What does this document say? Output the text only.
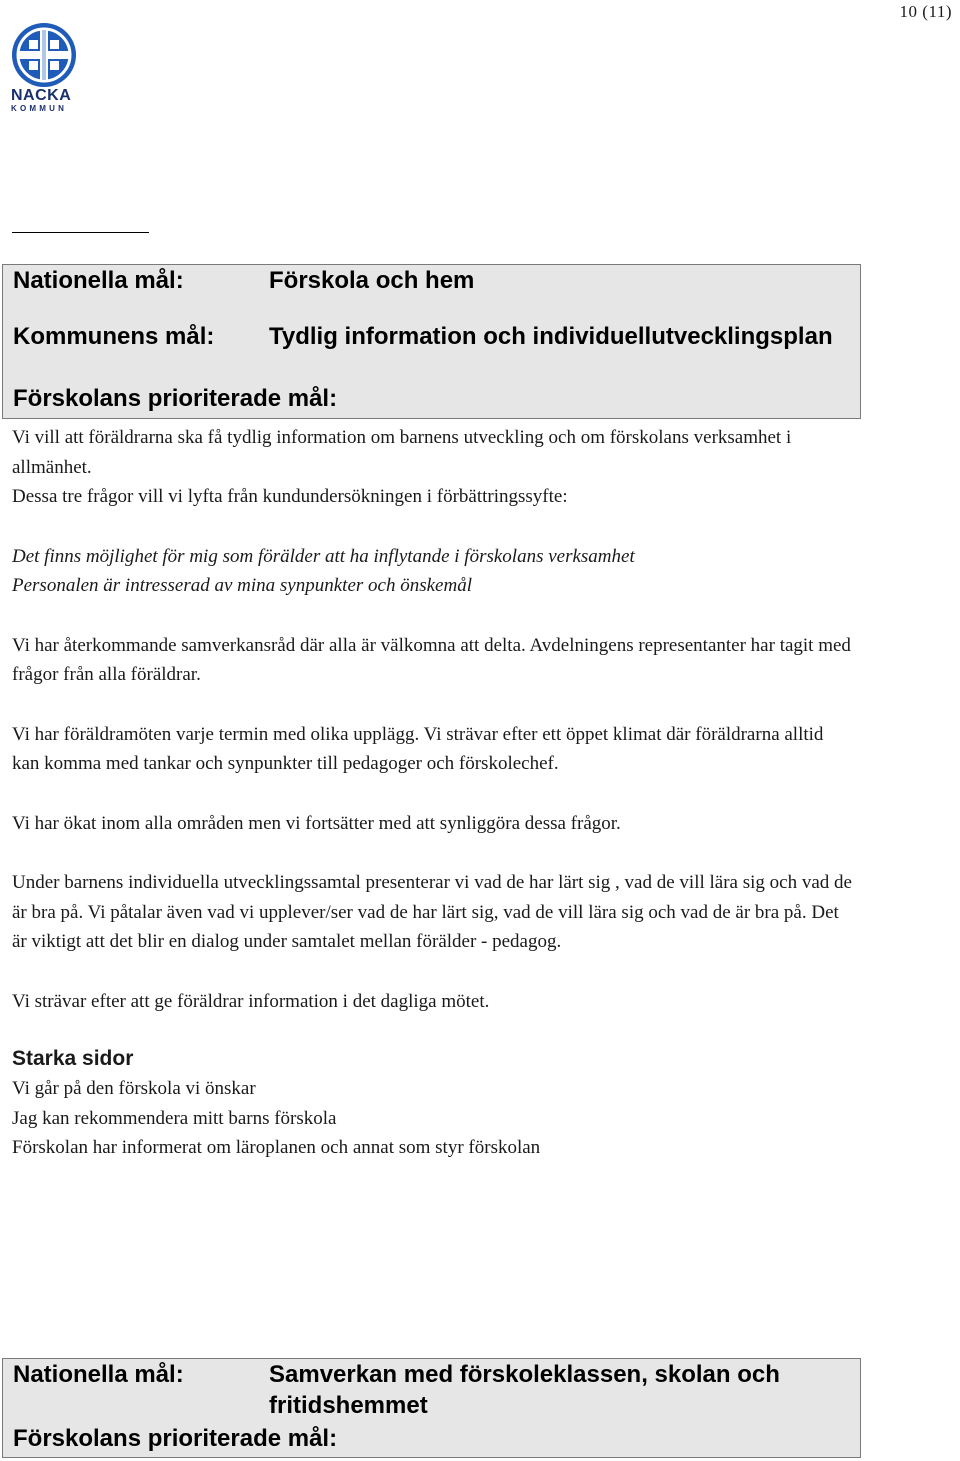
10 (11)
NACKA
KOMMUN
Nationella mål:	Förskola och hem
Kommunens mål: Tydlig information och individuellutvecklingsplan
Förskolans prioriterade mål:

Vi vill att föräldrarna ska få tydlig information om barnens utveckling och om förskolans verksamhet i allmänhet.

Dessa tre frågor vill vi lyfta från kundundersökningen i förbättringssyfte:

Det finns möjlighet för mig som förälder att ha inflytande i förskolans verksamhet

Personalen är intresserad av mina synpunkter och önskemål

Vi har återkommande samverkansråd där alla är välkomna att delta. Avdelningens representanter har tagit med frågor från alla föräldrar.

Vi har föräldramöten varje termin med olika upplägg. Vi strävar efter ett öppet klimat där föräldrarna alltid kan komma med tankar och synpunkter till pedagoger och förskolechef.

Vi har ökat inom alla områden men vi fortsätter med att synliggöra dessa frågor.

Under barnens individuella utvecklingssamtal presenterar vi vad de har lärt sig , vad de vill lära sig och vad de är bra på. Vi påtalar även vad vi upplever/ser vad de har lärt sig, vad de vill lära sig och vad de är bra på. Det är viktigt att det blir en dialog under samtalet mellan förälder - pedagog.

Vi strävar efter att ge föräldrar information i det dagliga mötet.

Starka sidor

Vi går på den förskola vi önskar

Jag kan rekommendera mitt barns förskola

Förskolan har informerat om läroplanen och annat som styr förskolan

Nationella mål:	Samverkan med förskoleklassen, skolan och fritidshemmet
Förskolans prioriterade mål:
